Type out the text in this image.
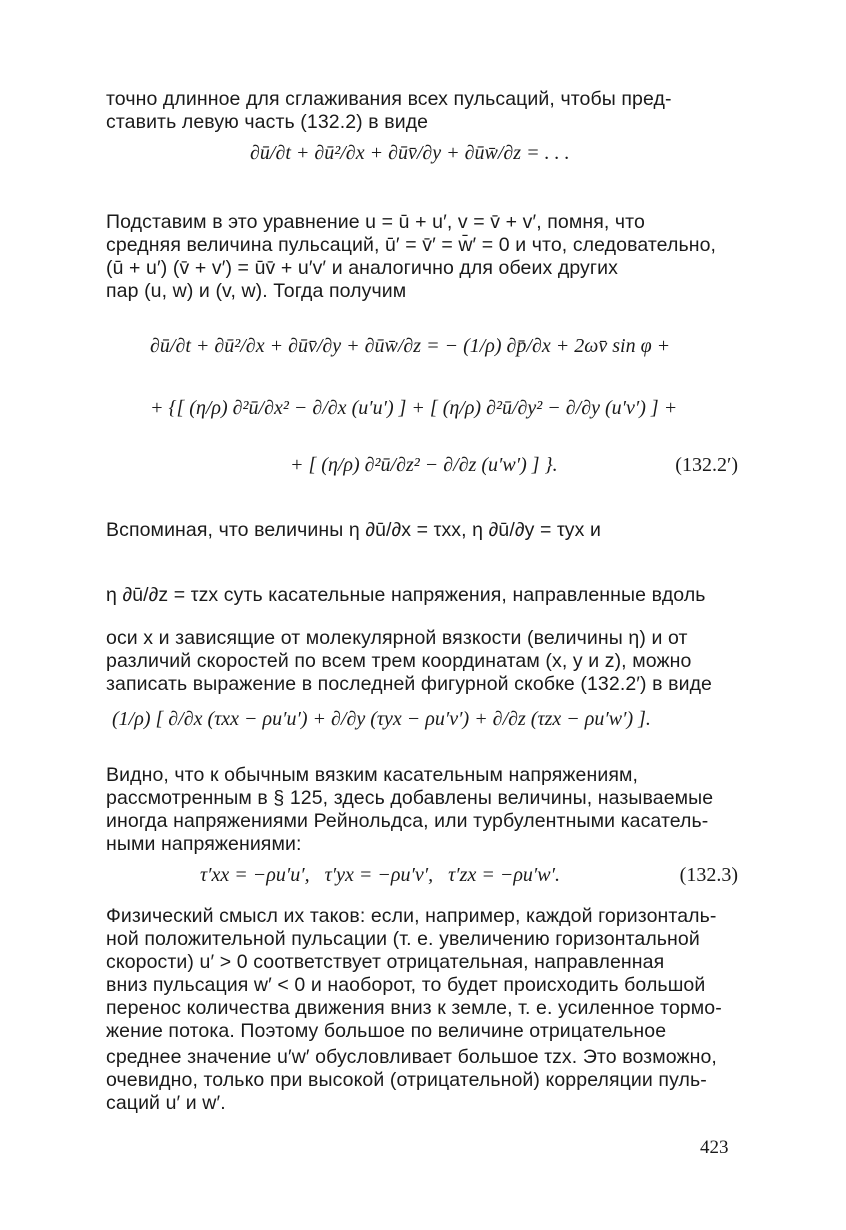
точно длинное для сглаживания всех пульсаций, чтобы пред-
ставить левую часть (132.2) в виде
∂ū/∂t + ∂ū²/∂x + ∂ūv̄/∂y + ∂ūw̄/∂z = . . .
Подставим в это уравнение u = ū + u′, v = v̄ + v′, помня, что
средняя величина пульсаций, ū′ = v̄′ = w̄′ = 0 и что, следовательно,
(ū + u′) (v̄ + v′) = ūv̄ + u′v′ и аналогично для обеих других
пар (u, w) и (v, w). Тогда получим
∂ū/∂t + ∂ū²/∂x + ∂ūv̄/∂y + ∂ūw̄/∂z = − (1/ρ) ∂p̄/∂x + 2ωv̄ sin φ +
+ {[ (η/ρ) ∂²ū/∂x² − ∂/∂x (u′u′) ] + [ (η/ρ) ∂²ū/∂y² − ∂/∂y (u′v′) ] +
+ [ (η/ρ) ∂²ū/∂z² − ∂/∂z (u′w′) ] }.	(132.2′)
Вспоминая, что величины η ∂ū/∂x = τxx, η ∂ū/∂y = τyx и
η ∂ū/∂z = τzx суть касательные напряжения, направленные вдоль
оси x и зависящие от молекулярной вязкости (величины η) и от
различий скоростей по всем трем координатам (x, y и z), можно
записать выражение в последней фигурной скобке (132.2′) в виде
(1/ρ) [ ∂/∂x (τxx − ρu′u′) + ∂/∂y (τyx − ρu′v′) + ∂/∂z (τzx − ρu′w′) ].
Видно, что к обычным вязким касательным напряжениям,
рассмотренным в § 125, здесь добавлены величины, называемые
иногда напряжениями Рейнольдса, или турбулентными касатель-
ными напряжениями:
τ′xx = −ρu′u′,   τ′yx = −ρu′v′,   τ′zx = −ρu′w′.	(132.3)
Физический смысл их таков: если, например, каждой горизонталь-
ной положительной пульсации (т. е. увеличению горизонтальной
скорости) u′ > 0 соответствует отрицательная, направленная
вниз пульсация w′ < 0 и наоборот, то будет происходить большой
перенос количества движения вниз к земле, т. е. усиленное тормо-
жение потока. Поэтому большое по величине отрицательное
среднее значение u′w′ обусловливает большое τzx. Это возможно,
очевидно, только при высокой (отрицательной) корреляции пуль-
саций u′ и w′.
423
